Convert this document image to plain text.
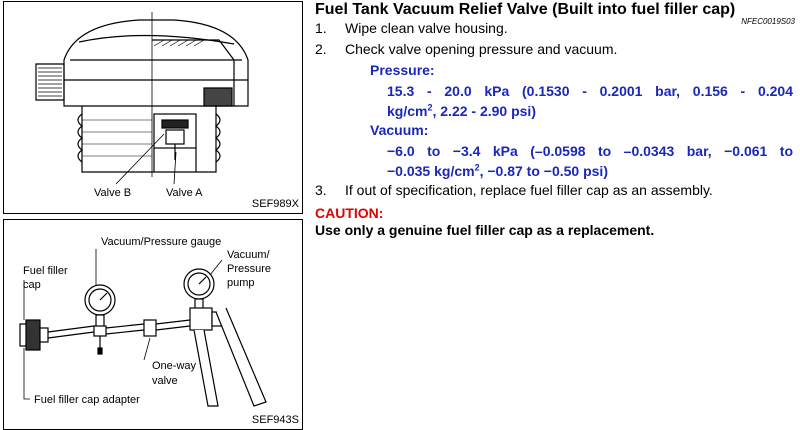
Valve B	Valve A
SEF989X
Vacuum/Pressure gauge
Fuel filler
cap
Vacuum/
Pressure
pump
One-way
valve
Fuel filler cap adapter
SEF943S
Fuel Tank Vacuum Relief Valve (Built into fuel filler cap)
NFEC0019S03
1. Wipe clean valve housing.
2. Check valve opening pressure and vacuum.
Pressure:
15.3 - 20.0 kPa (0.1530 - 0.2001 bar, 0.156 - 0.204
$kg/cm^2$, 2.22 - 2.90 psi)
Vacuum:
−6.0 to −3.4 kPa (–0.0598 to –0.0343 bar, −0.061 to
−0.035 $kg/cm^2$, −0.87 to −0.50 psi)
3. If out of specification, replace fuel filler cap as an assembly.
CAUTION:
Use only a genuine fuel filler cap as a replacement.
